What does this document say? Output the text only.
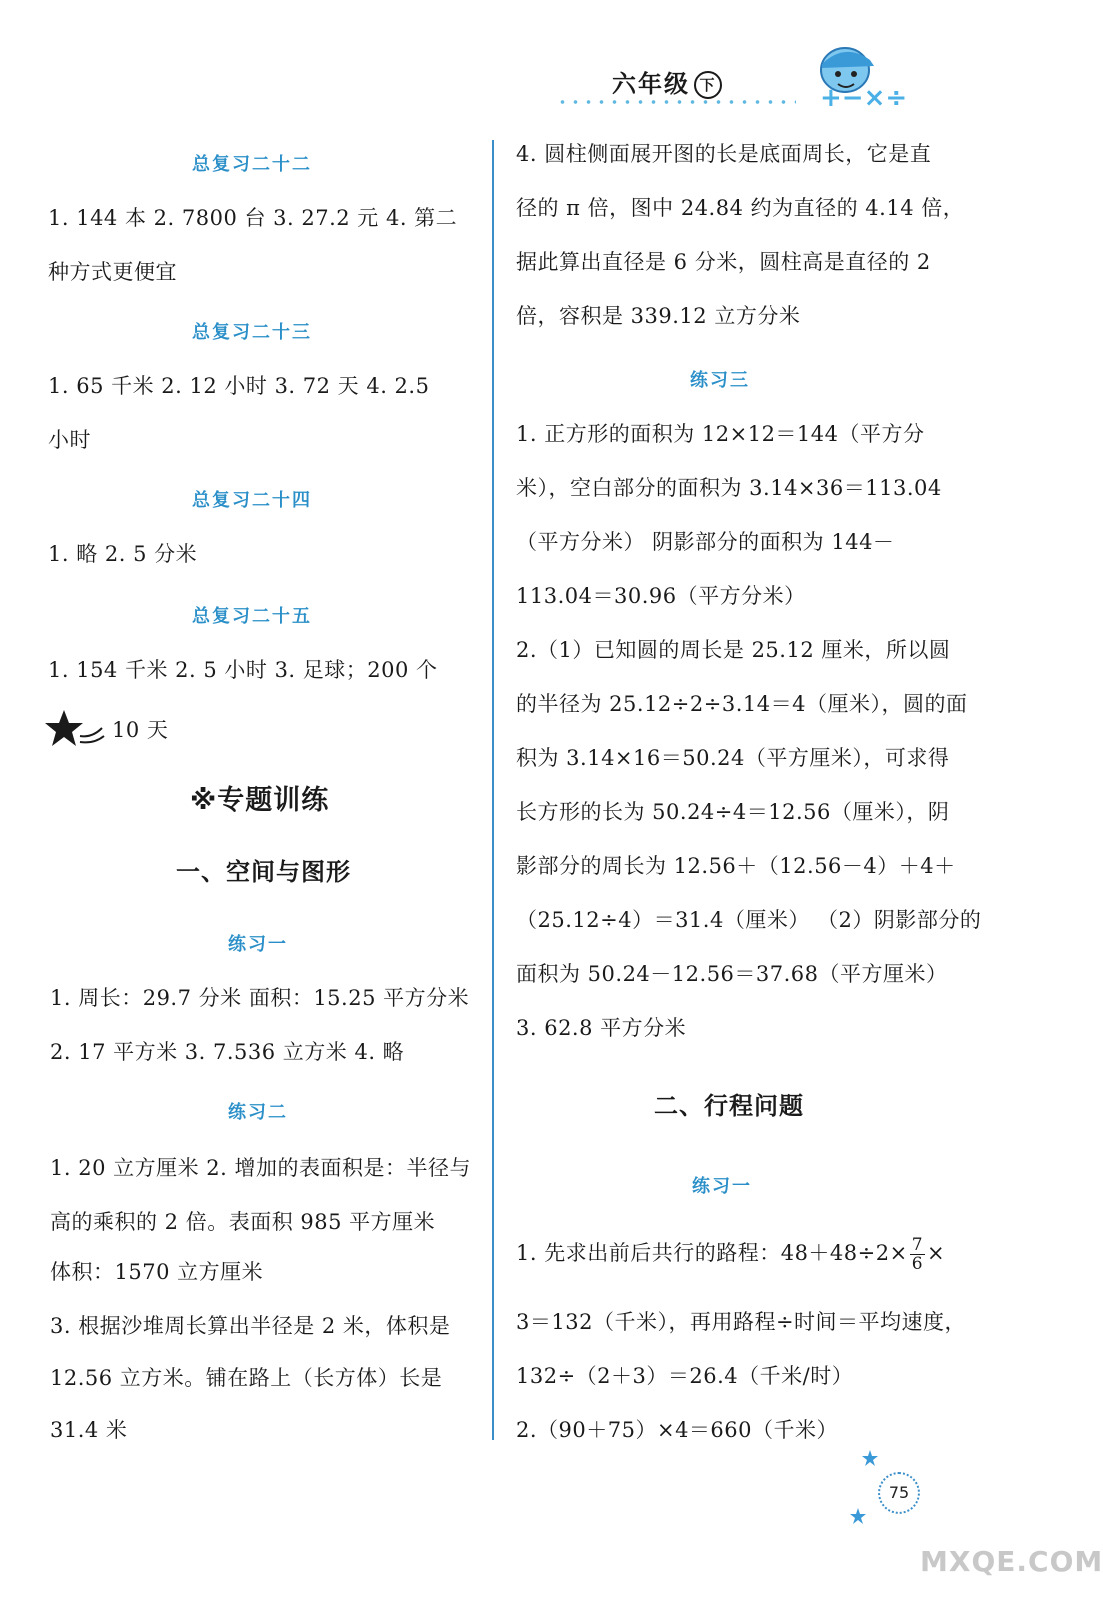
六年级 下	+−×÷
总复习二十二
1. 144 本 2. 7800 台 3. 27.2 元 4. 第二
种方式更便宜
总复习二十三
1. 65 千米 2. 12 小时 3. 72 天 4. 2.5
小时
总复习二十四
1. 略 2. 5 分米
总复习二十五
1. 154 千米 2. 5 小时 3. 足球；200 个
10 天
※专题训练
一、空间与图形
练习一
1. 周长：29.7 分米 面积：15.25 平方分米
2. 17 平方米 3. 7.536 立方米 4. 略
练习二
1. 20 立方厘米 2. 增加的表面积是：半径与
高的乘积的 2 倍。表面积 985 平方厘米
体积：1570 立方厘米
3. 根据沙堆周长算出半径是 2 米，体积是
12.56 立方米。铺在路上（长方体）长是
31.4 米
4. 圆柱侧面展开图的长是底面周长，它是直
径的 π 倍，图中 24.84 约为直径的 4.14 倍，
据此算出直径是 6 分米，圆柱高是直径的 2
倍，容积是 339.12 立方分米
练习三
1. 正方形的面积为 12×12＝144（平方分
米），空白部分的面积为 3.14×36＝113.04
（平方分米） 阴影部分的面积为 144－
113.04＝30.96（平方分米）
2.（1）已知圆的周长是 25.12 厘米，所以圆
的半径为 25.12÷2÷3.14＝4（厘米），圆的面
积为 3.14×16＝50.24（平方厘米），可求得
长方形的长为 50.24÷4＝12.56（厘米），阴
影部分的周长为 12.56＋（12.56－4）＋4＋
（25.12÷4）＝31.4（厘米） （2）阴影部分的
面积为 50.24－12.56＝37.68（平方厘米）
3. 62.8 平方分米
二、行程问题
练习一
1. 先求出前后共行的路程：$48+48\div 2\times \frac{7}{6}$ ×
3＝132（千米），再用路程÷时间＝平均速度，
132÷（2＋3）＝26.4（千米/时）
2.（90＋75）×4＝660（千米）
75
MXQE.COM
